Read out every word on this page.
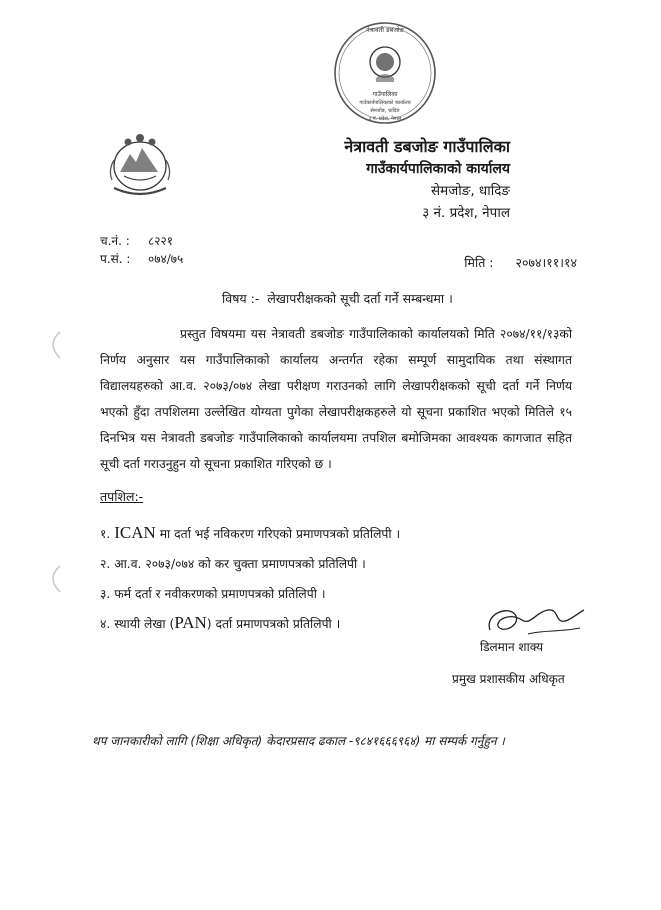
नेत्रावती डबजोङ
गाउँपालिका
गाउँकार्यपालिकाको कार्यालय
सेमजोङ, धादिङ
३ नं. प्रदेश, नेपाल
नेत्रावती डबजोङ गाउँपालिका
गाउँकार्यपालिकाको कार्यालय
सेमजोङ, धादिङ
३ नं. प्रदेश, नेपाल
च.नं. :	८२२१
प.सं. :	०७४/७५	मिति : २०७४।११।१४
विषय :- लेखापरीक्षकको सूची दर्ता गर्ने सम्बन्धमा ।
प्रस्तुत विषयमा यस नेत्रावती डबजोङ गाउँपालिकाको कार्यालयको मिति २०७४/११/१३को निर्णय अनुसार यस गाउँपालिकाको कार्यालय अन्तर्गत रहेका सम्पूर्ण सामुदायिक तथा संस्थागत विद्यालयहरुको आ.व. २०७३/०७४ लेखा परीक्षण गराउनको लागि लेखापरीक्षकको सूची दर्ता गर्ने निर्णय भएको हुँदा तपशिलमा उल्लेखित योग्यता पुगेका लेखापरीक्षकहरुले यो सूचना प्रकाशित भएको मितिले १५ दिनभित्र यस नेत्रावती डबजोङ गाउँपालिकाको कार्यालयमा तपशिल बमोजिमका आवश्यक कागजात सहित सूची दर्ता गराउनुहुन यो सूचना प्रकाशित गरिएको छ ।
तपशिल:-
१. ICAN मा दर्ता भई नविकरण गरिएको प्रमाणपत्रको प्रतिलिपी ।
२. आ.व. २०७३/०७४ को कर चुक्ता प्रमाणपत्रको प्रतिलिपी ।
३. फर्म दर्ता र नवीकरणको प्रमाणपत्रको प्रतिलिपी ।
४. स्थायी लेखा (PAN) दर्ता प्रमाणपत्रको प्रतिलिपी ।
डिलमान शाक्य
प्रमुख प्रशासकीय अधिकृत
थप जानकारीको लागि (शिक्षा अधिकृत) केदारप्रसाद ढकाल -९८४१६६६९६४) मा सम्पर्क गर्नुहुन ।
